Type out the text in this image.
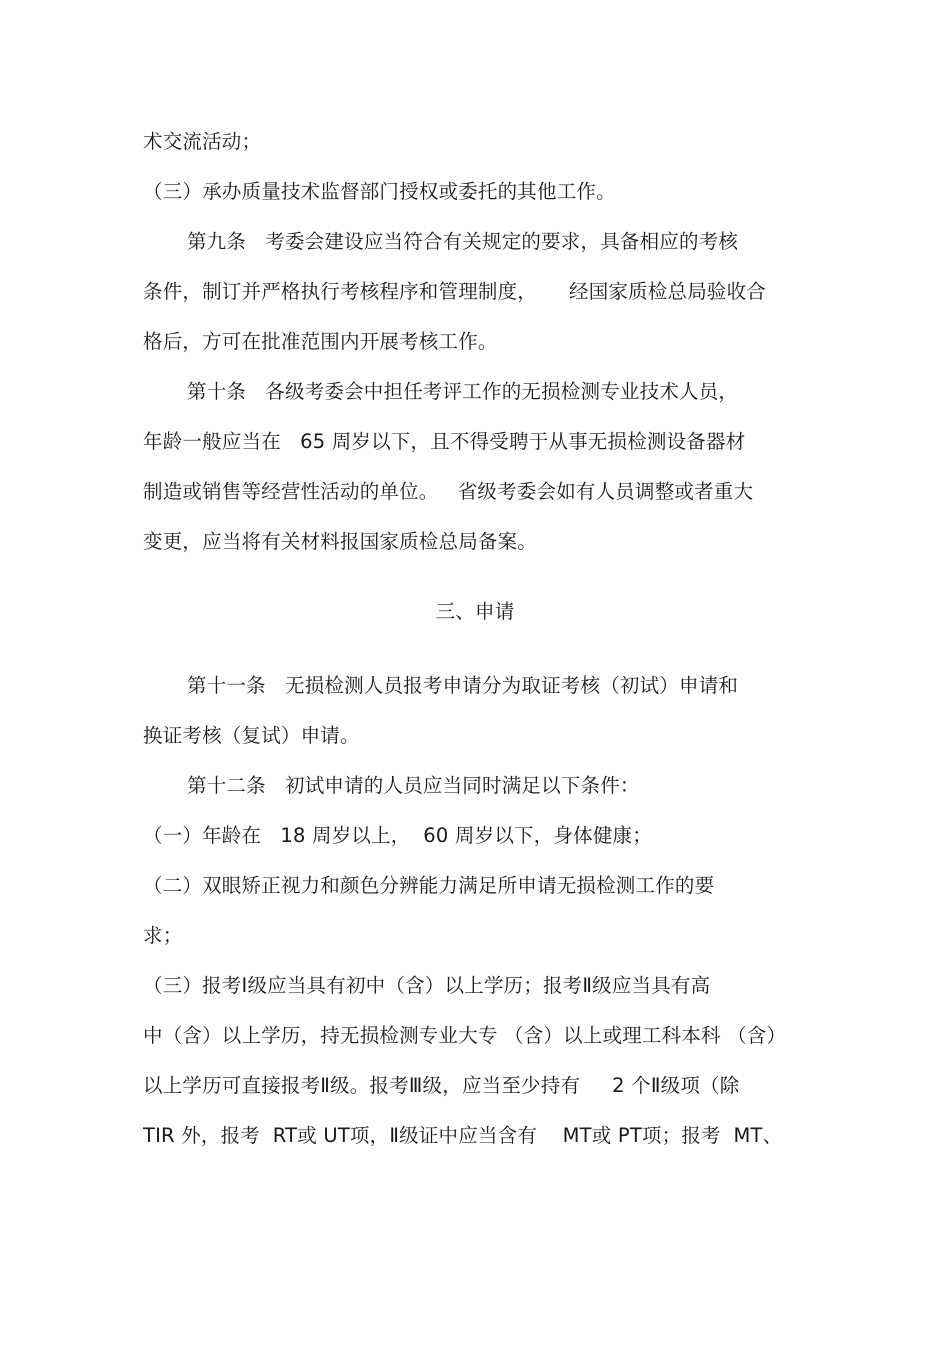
术交流活动；
（三）承办质量技术监督部门授权或委托的其他工作。
第九条   考委会建设应当符合有关规定的要求，具备相应的考核
条件，制订并严格执行考核程序和管理制度，     经国家质检总局验收合
格后，方可在批准范围内开展考核工作。
第十条   各级考委会中担任考评工作的无损检测专业技术人员，
年龄一般应当在   65 周岁以下，且不得受聘于从事无损检测设备器材
制造或销售等经营性活动的单位。   省级考委会如有人员调整或者重大
变更，应当将有关材料报国家质检总局备案。
三、申请
第十一条   无损检测人员报考申请分为取证考核（初试）申请和
换证考核（复试）申请。
第十二条   初试申请的人员应当同时满足以下条件：
（一）年龄在   18 周岁以上，  60 周岁以下，身体健康；
（二）双眼矫正视力和颜色分辨能力满足所申请无损检测工作的要
求；
（三）报考Ⅰ级应当具有初中（含）以上学历；报考Ⅱ级应当具有高
中（含）以上学历，持无损检测专业大专 （含）以上或理工科本科 （含）
以上学历可直接报考Ⅱ级。报考Ⅲ级，应当至少持有     2 个Ⅱ级项（除
TIR 外，报考  RT或 UT项，Ⅱ级证中应当含有    MT或 PT项；报考  MT、
